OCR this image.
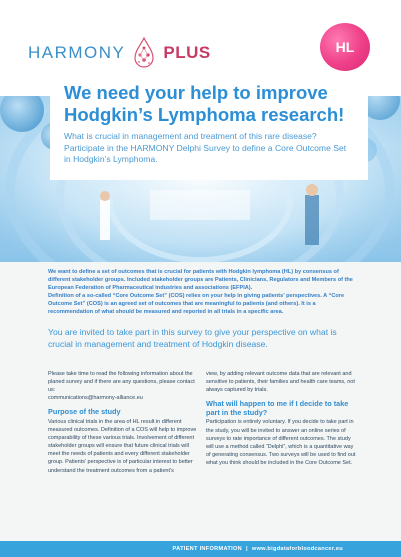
HARMONY PLUS	HL
We need your help to improve Hodgkin’s Lymphoma research!
What is crucial in management and treatment of this rare disease? Participate in the HARMONY Delphi Survey to define a Core Outcome Set in Hodgkin’s Lymphoma.

We want to define a set of outcomes that is crucial for patients with Hodgkin lymphoma (HL) by consensus of different stakeholder groups. Included stakeholder groups are Patients, Clinicians, Regulators and Members of the European Federation of Pharmaceutical industries and associations (EFPIA).

Definition of a so-called “Core Outcome Set” (COS) relies on your help in giving patients’ perspectives. A “Core Outcome Set” (COS) is an agreed set of outcomes that are meaningful to patients (and others). It is a recommendation of what should be measured and reported in all trials in a specific area.

You are invited to take part in this survey to give your perspective on what is crucial in management and treatment of Hodgkin disease.

Please take time to read the following information about the planed survey and if there are any questions, please contact us:

communications@harmony-alliance.eu

Purpose of the study

Various clinical trials in the area of HL result in different measured outcomes. Definition of a COS will help to improve comparability of these various trials. Involvement of different stakeholder groups will ensure that future clinical trials will meet the needs of patients and every different stakeholder group. Patients’ perspective is of particular interest to better understand the treatment outcomes from a patient’s

view, by adding relevant outcome data that are relevant and sensitive to patients, their families and health care teams, not always captured by trials.

What will happen to me if I decide to take part in the study?

Participation is entirely voluntary. If you decide to take part in the study, you will be invited to answer an online series of surveys to rate importance of different outcomes. The study will use a method called “Delphi”, which is a quantitative way of generating consensus. Two surveys will be used to find out what you think should be included in the Core Outcome Set.

PATIENT INFORMATION | www.bigdataforbloodcancer.eu
